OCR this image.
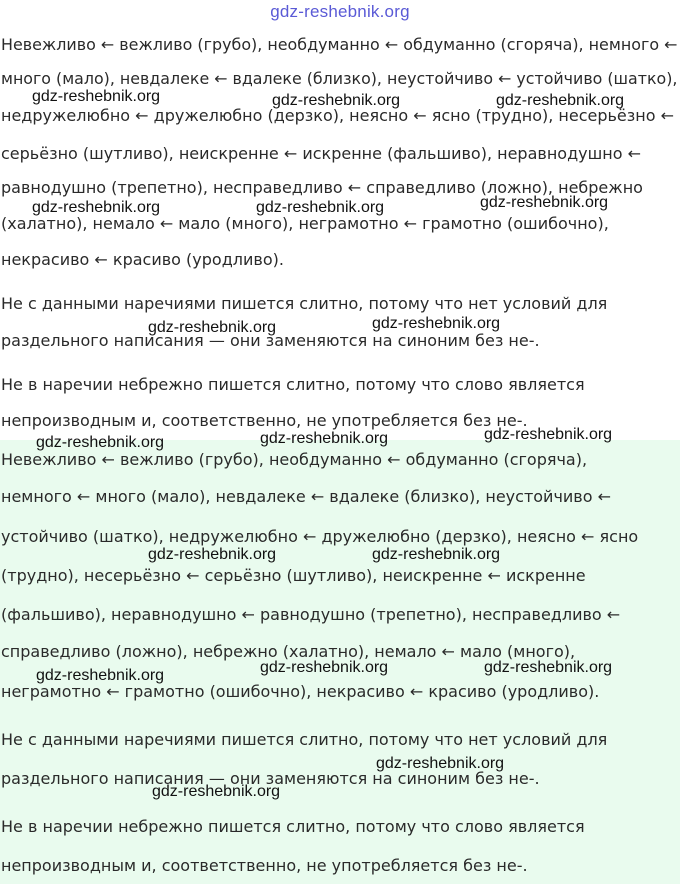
gdz-reshebnik.org
Невежливо ← вежливо (грубо), необдуманно ← обдуманно (сгоряча), немного ←
много (мало), невдалеке ← вдалеке (близко), неустойчиво ← устойчиво (шатко),
недружелюбно ← дружелюбно (дерзко), неясно ← ясно (трудно), несерьёзно ←
серьёзно (шутливо), неискренне ← искренне (фальшиво), неравнодушно ←
равнодушно (трепетно), несправедливо ← справедливо (ложно), небрежно
(халатно), немало ← мало (много), неграмотно ← грамотно (ошибочно),
некрасиво ← красиво (уродливо).
Не с данными наречиями пишется слитно, потому что нет условий для
раздельного написания — они заменяются на синоним без не-.
Не в наречии небрежно пишется слитно, потому что слово является
непроизводным и, соответственно, не употребляется без не-.
Невежливо ← вежливо (грубо), необдуманно ← обдуманно (сгоряча),
немного ← много (мало), невдалеке ← вдалеке (близко), неустойчиво ←
устойчиво (шатко), недружелюбно ← дружелюбно (дерзко), неясно ← ясно
(трудно), несерьёзно ← серьёзно (шутливо), неискренне ← искренне
(фальшиво), неравнодушно ← равнодушно (трепетно), несправедливо ←
справедливо (ложно), небрежно (халатно), немало ← мало (много),
неграмотно ← грамотно (ошибочно), некрасиво ← красиво (уродливо).
Не с данными наречиями пишется слитно, потому что нет условий для
раздельного написания — они заменяются на синоним без не-.
Не в наречии небрежно пишется слитно, потому что слово является
непроизводным и, соответственно, не употребляется без не-.
gdz-reshebnik.org	gdz-reshebnik.org	gdz-reshebnik.org
gdz-reshebnik.org	gdz-reshebnik.org	gdz-reshebnik.org
gdz-reshebnik.org	gdz-reshebnik.org
gdz-reshebnik.org	gdz-reshebnik.org	gdz-reshebnik.org
gdz-reshebnik.org	gdz-reshebnik.org
gdz-reshebnik.org	gdz-reshebnik.org	gdz-reshebnik.org
gdz-reshebnik.org
gdz-reshebnik.org
